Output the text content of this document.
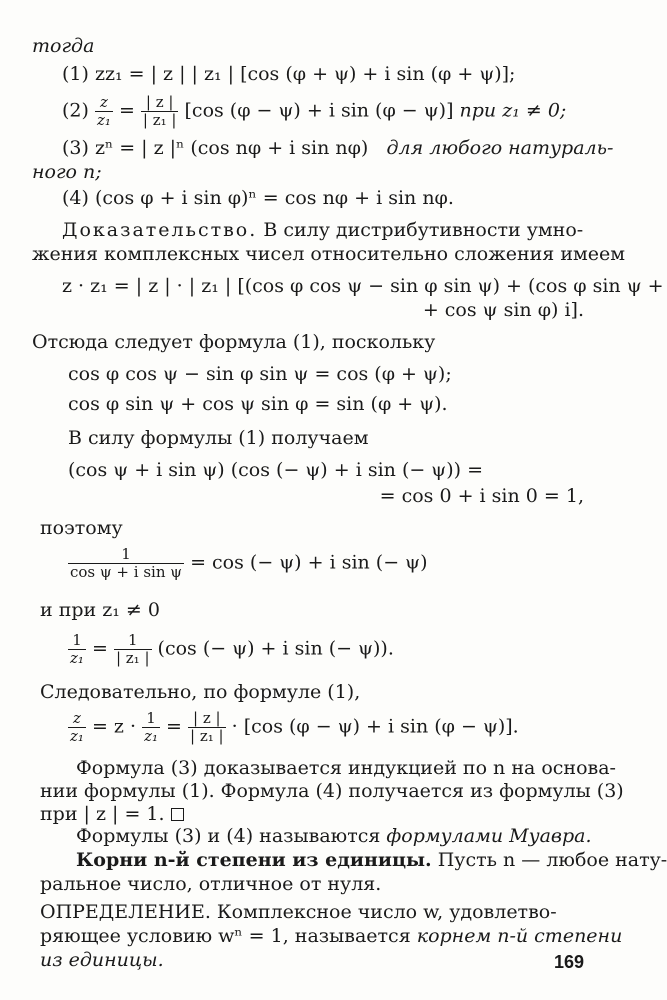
тогда
(1) zz₁ = | z | | z₁ | [cos (φ + ψ) + i sin (φ + ψ)];
$(2) \frac{z}{\text{z₁}} = \frac{| z |}{\text{| z₁ |}} [\cos$ (φ − ψ) + i sin (φ − ψ)] при z₁ ≠ 0;
(3) zⁿ = | z |ⁿ (cos nφ + i sin nφ) для любого натураль-
ного n;
(4) (cos φ + i sin φ)ⁿ = cos nφ + i sin nφ.
Доказательство. В силу дистрибутивности умно-
жения комплексных чисел относительно сложения имеем
z · z₁ = | z | · | z₁ | [(cos φ cos ψ − sin φ sin ψ) + (cos φ sin ψ +
+ cos ψ sin φ) i].
Отсюда следует формула (1), поскольку
cos φ cos ψ − sin φ sin ψ = cos (φ + ψ);
cos φ sin ψ + cos ψ sin φ = sin (φ + ψ).
В силу формулы (1) получаем
(cos ψ + i sin ψ) (cos (− ψ) + i sin (− ψ)) =
= cos 0 + i sin 0 = 1,
поэтому
$\frac{1}{\text{cos ψ + i sin ψ}} = \cos$ (− ψ) + i sin (− ψ)
и при z₁ ≠ 0
$\frac{1}{\text{z₁}} = \frac{1}{\text{| z₁ |}} (\cos$ (− ψ) + i sin (− ψ)).
Следовательно, по формуле (1),
$\frac{z}{\text{z₁}} = z \cdot \frac{1}{\text{z₁}} = \frac{| z |}{\text{| z₁ |}} \cdot [\cos$ (φ − ψ) + i sin (φ − ψ)].
Формула (3) доказывается индукцией по n на основа-
нии формулы (1). Формула (4) получается из формулы (3)
при | z | = 1.
Формулы (3) и (4) называются формулами Муавра.
Корни n-й степени из единицы. Пусть n — любое нату-
ральное число, отличное от нуля.
ОПРЕДЕЛЕНИЕ. Комплексное число w, удовлетво-
ряющее условию wⁿ = 1, называется корнем n-й степени
из единицы.	169
